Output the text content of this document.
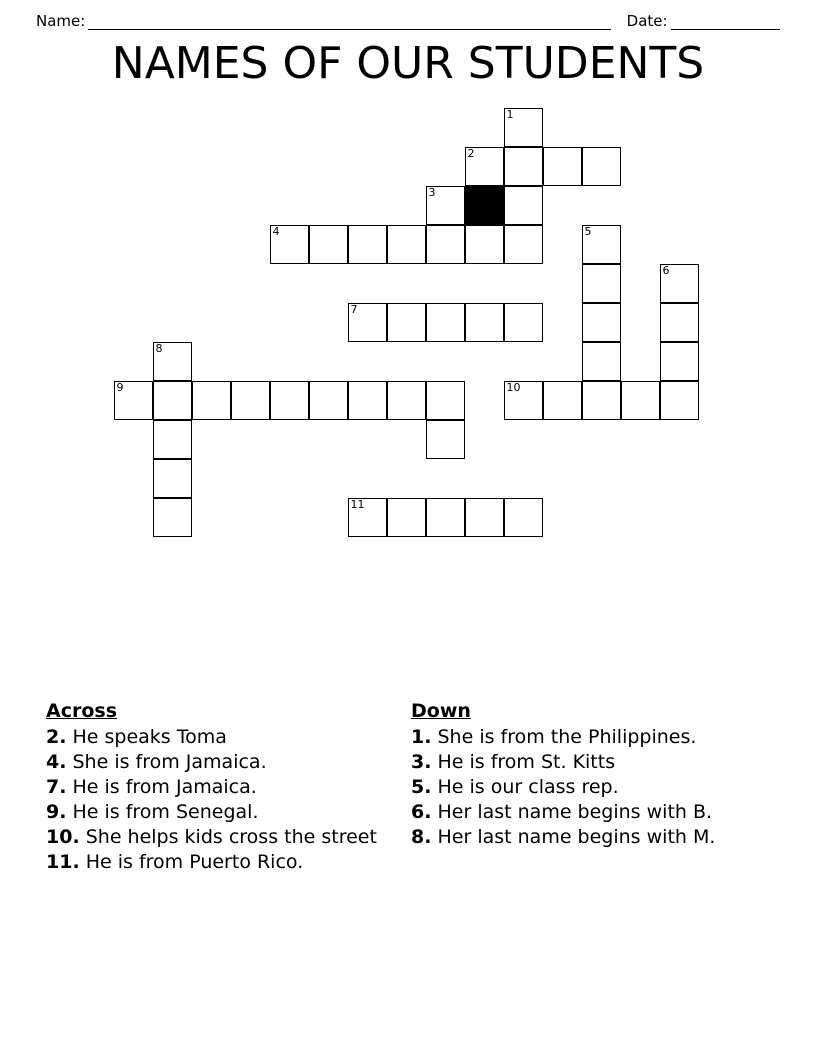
Name:	Date:
NAMES OF OUR STUDENTS
1
2
3
4	5
6
7
8
9	10
11
Across
2. He speaks Toma
4. She is from Jamaica.
7. He is from Jamaica.
9. He is from Senegal.
10. She helps kids cross the street
11. He is from Puerto Rico.
Down
1. She is from the Philippines.
3. He is from St. Kitts
5. He is our class rep.
6. Her last name begins with B.
8. Her last name begins with M.
